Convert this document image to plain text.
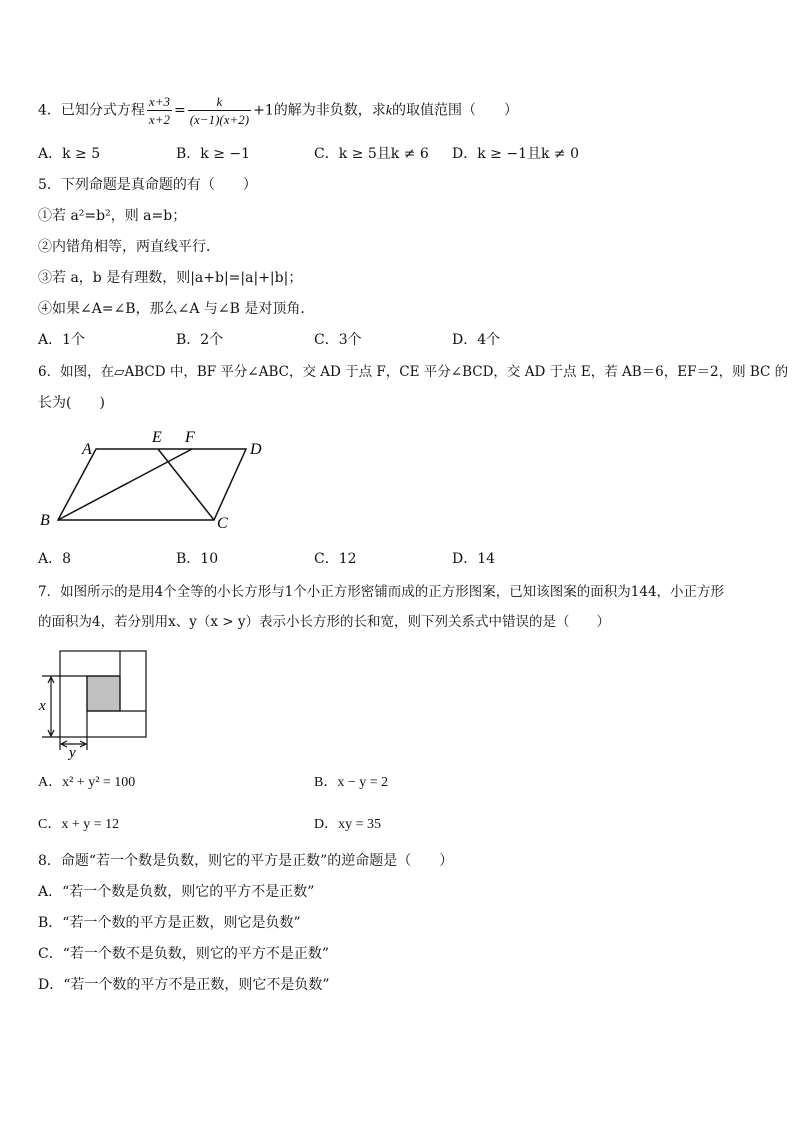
4．已知分式方程 $\frac{x+3}{x+2} = \frac{k}{(x-1)(x+2)} +1$的解为非负数，求k的取值范围（　　）
A．k ≥ 5	B．k ≥ −1	C．k ≥ 5且k ≠ 6 D．k ≥ −1且k ≠ 0
5．下列命题是真命题的有（　　）
①若 a²=b²，则 a=b；
②内错角相等，两直线平行．
③若 a，b 是有理数，则|a+b|=|a|+|b|；
④如果∠A=∠B，那么∠A 与∠B 是对顶角．
A．1个	B．2个	C．3个	D．4个
6．如图，在▱ABCD 中，BF 平分∠ABC，交 AD 于点 F，CE 平分∠BCD，交 AD 于点 E，若 AB＝6，EF＝2，则 BC 的
长为(　　)
A
E F
D
B	C
A．8	B．10	C．12	D．14
7．如图所示的是用4个全等的小长方形与1个小正方形密铺而成的正方形图案，已知该图案的面积为144，小正方形
的面积为4，若分别用x、y（x > y）表示小长方形的长和宽，则下列关系式中错误的是（　　）
x
y
A．x² + y² = 100	B．x − y = 2
C．x + y = 12	D．xy = 35
8．命题“若一个数是负数，则它的平方是正数”的逆命题是（　　）
A．“若一个数是负数，则它的平方不是正数”
B．“若一个数的平方是正数，则它是负数”
C．“若一个数不是负数，则它的平方不是正数”
D．“若一个数的平方不是正数，则它不是负数”
